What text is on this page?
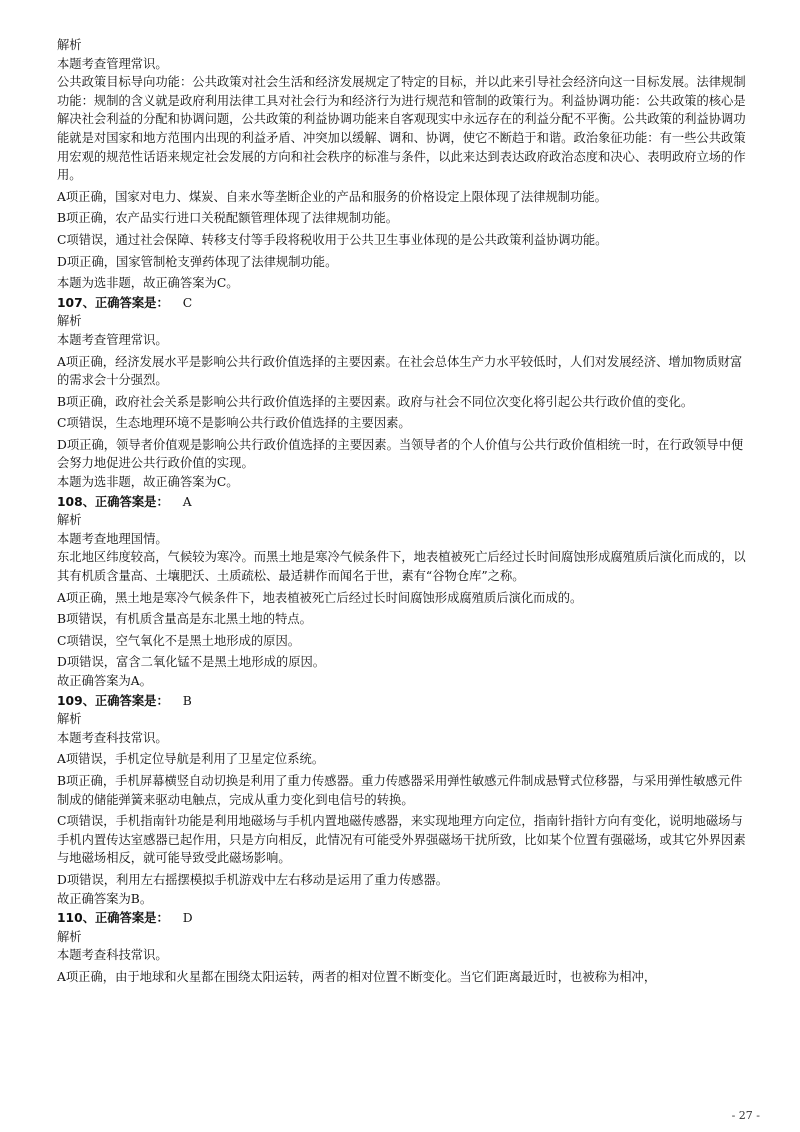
解析

本题考查管理常识。

公共政策目标导向功能：公共政策对社会生活和经济发展规定了特定的目标，并以此来引导社会经济向这一目标发展。法律规制功能：规制的含义就是政府利用法律工具对社会行为和经济行为进行规范和管制的政策行为。利益协调功能：公共政策的核心是解决社会利益的分配和协调问题，公共政策的利益协调功能来自客观现实中永远存在的利益分配不平衡。公共政策的利益协调功能就是对国家和地方范围内出现的利益矛盾、冲突加以缓解、调和、协调，使它不断趋于和谐。政治象征功能：有一些公共政策用宏观的规范性话语来规定社会发展的方向和社会秩序的标准与条件，以此来达到表达政府政治态度和决心、表明政府立场的作用。

A项正确，国家对电力、煤炭、自来水等垄断企业的产品和服务的价格设定上限体现了法律规制功能。

B项正确，农产品实行进口关税配额管理体现了法律规制功能。

C项错误，通过社会保障、转移支付等手段将税收用于公共卫生事业体现的是公共政策利益协调功能。

D项正确，国家管制枪支弹药体现了法律规制功能。

本题为选非题，故正确答案为C。

107、正确答案是： C

解析

本题考查管理常识。

A项正确，经济发展水平是影响公共行政价值选择的主要因素。在社会总体生产力水平较低时，人们对发展经济、增加物质财富的需求会十分强烈。

B项正确，政府社会关系是影响公共行政价值选择的主要因素。政府与社会不同位次变化将引起公共行政价值的变化。

C项错误，生态地理环境不是影响公共行政价值选择的主要因素。

D项正确，领导者价值观是影响公共行政价值选择的主要因素。当领导者的个人价值与公共行政价值相统一时，在行政领导中便会努力地促进公共行政价值的实现。

本题为选非题，故正确答案为C。

108、正确答案是： A

解析

本题考查地理国情。

东北地区纬度较高，气候较为寒冷。而黑土地是寒冷气候条件下，地表植被死亡后经过长时间腐蚀形成腐殖质后演化而成的，以其有机质含量高、土壤肥沃、土质疏松、最适耕作而闻名于世，素有“谷物仓库”之称。

A项正确，黑土地是寒冷气候条件下，地表植被死亡后经过长时间腐蚀形成腐殖质后演化而成的。

B项错误，有机质含量高是东北黑土地的特点。

C项错误，空气氧化不是黑土地形成的原因。

D项错误，富含二氧化锰不是黑土地形成的原因。

故正确答案为A。

109、正确答案是： B

解析

本题考查科技常识。

A项错误，手机定位导航是利用了卫星定位系统。

B项正确，手机屏幕横竖自动切换是利用了重力传感器。重力传感器采用弹性敏感元件制成悬臂式位移器，与采用弹性敏感元件制成的储能弹簧来驱动电触点，完成从重力变化到电信号的转换。

C项错误，手机指南针功能是利用地磁场与手机内置地磁传感器，来实现地理方向定位，指南针指针方向有变化，说明地磁场与手机内置传达室感器已起作用，只是方向相反，此情况有可能受外界强磁场干扰所致，比如某个位置有强磁场，或其它外界因素与地磁场相反，就可能导致受此磁场影响。

D项错误，利用左右摇摆模拟手机游戏中左右移动是运用了重力传感器。

故正确答案为B。

110、正确答案是： D

解析

本题考查科技常识。

A项正确，由于地球和火星都在围绕太阳运转，两者的相对位置不断变化。当它们距离最近时，也被称为相冲，

- 27 -
